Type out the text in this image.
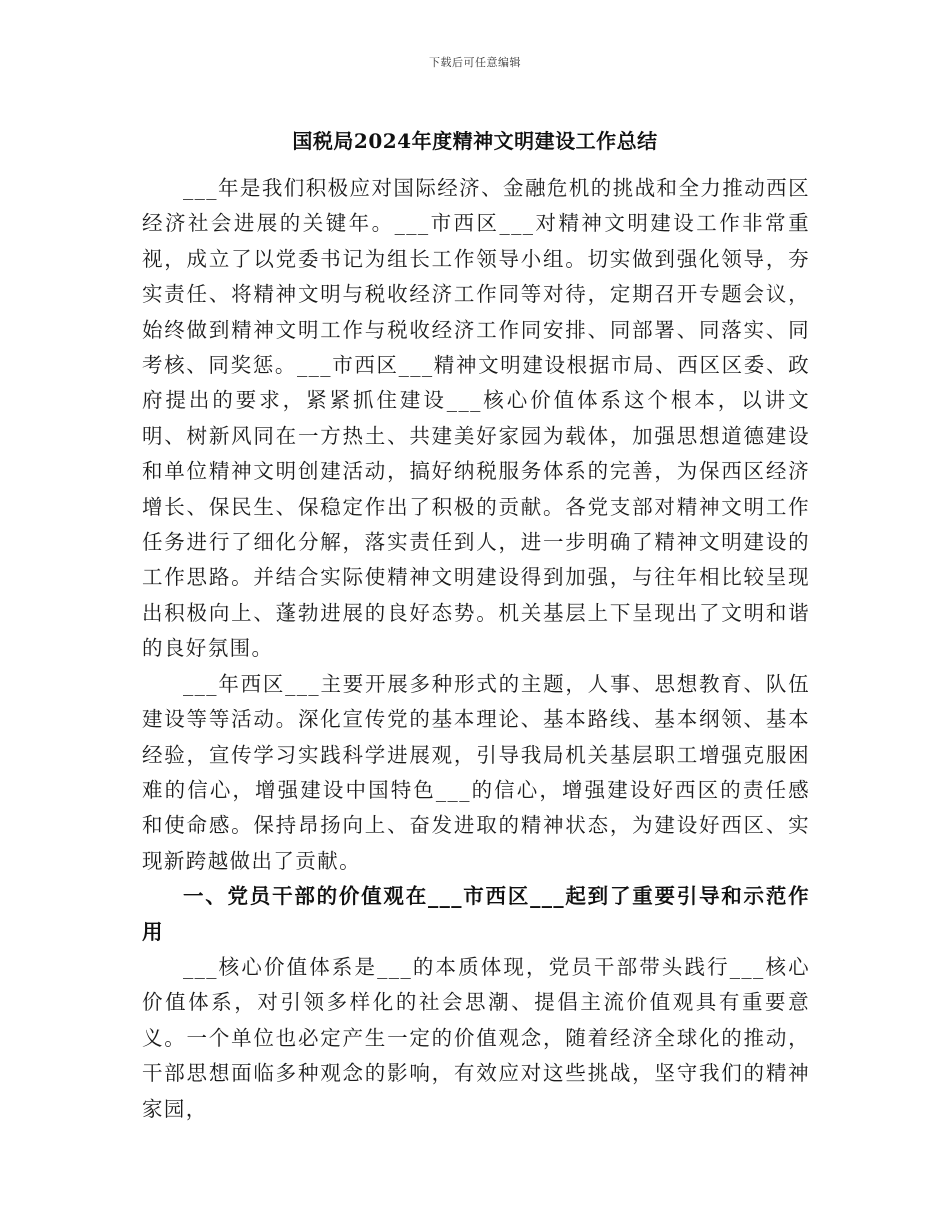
下载后可任意编辑
国税局2024年度精神文明建设工作总结

___年是我们积极应对国际经济、金融危机的挑战和全力推动西区经济社会进展的关键年。___市西区___对精神文明建设工作非常重视，成立了以党委书记为组长工作领导小组。切实做到强化领导，夯实责任、将精神文明与税收经济工作同等对待，定期召开专题会议，始终做到精神文明工作与税收经济工作同安排、同部署、同落实、同考核、同奖惩。___市西区___精神文明建设根据市局、西区区委、政府提出的要求，紧紧抓住建设___核心价值体系这个根本，以讲文明、树新风同在一方热土、共建美好家园为载体，加强思想道德建设和单位精神文明创建活动，搞好纳税服务体系的完善，为保西区经济增长、保民生、保稳定作出了积极的贡献。各党支部对精神文明工作任务进行了细化分解，落实责任到人，进一步明确了精神文明建设的工作思路。并结合实际使精神文明建设得到加强，与往年相比较呈现出积极向上、蓬勃进展的良好态势。机关基层上下呈现出了文明和谐的良好氛围。

___年西区___主要开展多种形式的主题，人事、思想教育、队伍建设等等活动。深化宣传党的基本理论、基本路线、基本纲领、基本经验，宣传学习实践科学进展观，引导我局机关基层职工增强克服困难的信心，增强建设中国特色___的信心，增强建设好西区的责任感和使命感。保持昂扬向上、奋发进取的精神状态，为建设好西区、实现新跨越做出了贡献。

一、党员干部的价值观在___市西区___起到了重要引导和示范作用

___核心价值体系是___的本质体现，党员干部带头践行___核心价值体系，对引领多样化的社会思潮、提倡主流价值观具有重要意义。一个单位也必定产生一定的价值观念，随着经济全球化的推动，干部思想面临多种观念的影响，有效应对这些挑战，坚守我们的精神家园，
